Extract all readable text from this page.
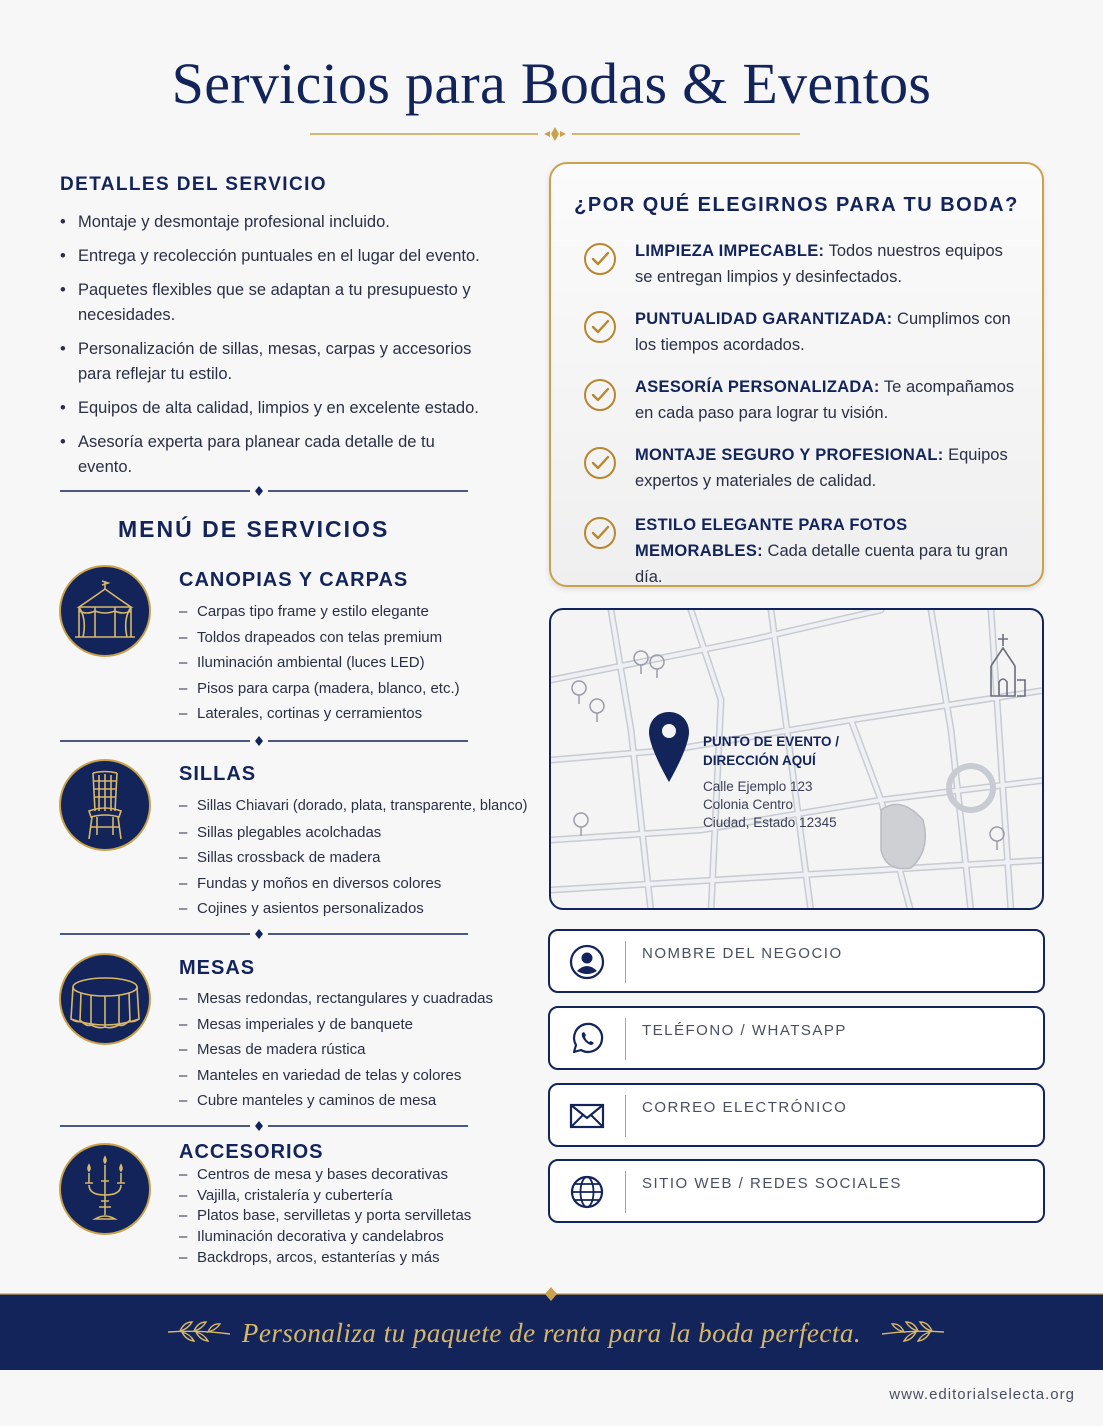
Servicios para Bodas & Eventos
DETALLES DEL SERVICIO
• Montaje y desmontaje profesional incluido.
• Entrega y recolección puntuales en el lugar del evento.
• Paquetes flexibles que se adaptan a tu presupuesto y necesidades.
• Personalización de sillas, mesas, carpas y accesorios para reflejar tu estilo.
• Equipos de alta calidad, limpios y en excelente estado.
• Asesoría experta para planear cada detalle de tu evento.
MENÚ DE SERVICIOS
CANOPIAS Y CARPAS
– Carpas tipo frame y estilo elegante
– Toldos drapeados con telas premium
– Iluminación ambiental (luces LED)
– Pisos para carpa (madera, blanco, etc.)
– Laterales, cortinas y cerramientos
SILLAS
– Sillas Chiavari (dorado, plata, transparente, blanco)
– Sillas plegables acolchadas
– Sillas crossback de madera
– Fundas y moños en diversos colores
– Cojines y asientos personalizados
MESAS
– Mesas redondas, rectangulares y cuadradas
– Mesas imperiales y de banquete
– Mesas de madera rústica
– Manteles en variedad de telas y colores
– Cubre manteles y caminos de mesa
ACCESORIOS
– Centros de mesa y bases decorativas
– Vajilla, cristalería y cubertería
– Platos base, servilletas y porta servilletas
– Iluminación decorativa y candelabros
– Backdrops, arcos, estanterías y más
¿POR QUÉ ELEGIRNOS PARA TU BODA?
LIMPIEZA IMPECABLE: Todos nuestros equipos se entregan limpios y desinfectados.
PUNTUALIDAD GARANTIZADA: Cumplimos con los tiempos acordados.
ASESORÍA PERSONALIZADA: Te acompañamos en cada paso para lograr tu visión.
MONTAJE SEGURO Y PROFESIONAL: Equipos expertos y materiales de calidad.
ESTILO ELEGANTE PARA FOTOS MEMORABLES: Cada detalle cuenta para tu gran día.
PUNTO DE EVENTO /
DIRECCIÓN AQUÍ
Calle Ejemplo 123
Colonia Centro
Ciudad, Estado 12345
NOMBRE DEL NEGOCIO
TELÉFONO / WHATSAPP
CORREO ELECTRÓNICO
SITIO WEB / REDES SOCIALES
Personaliza tu paquete de renta para la boda perfecta.
www.editorialselecta.org
